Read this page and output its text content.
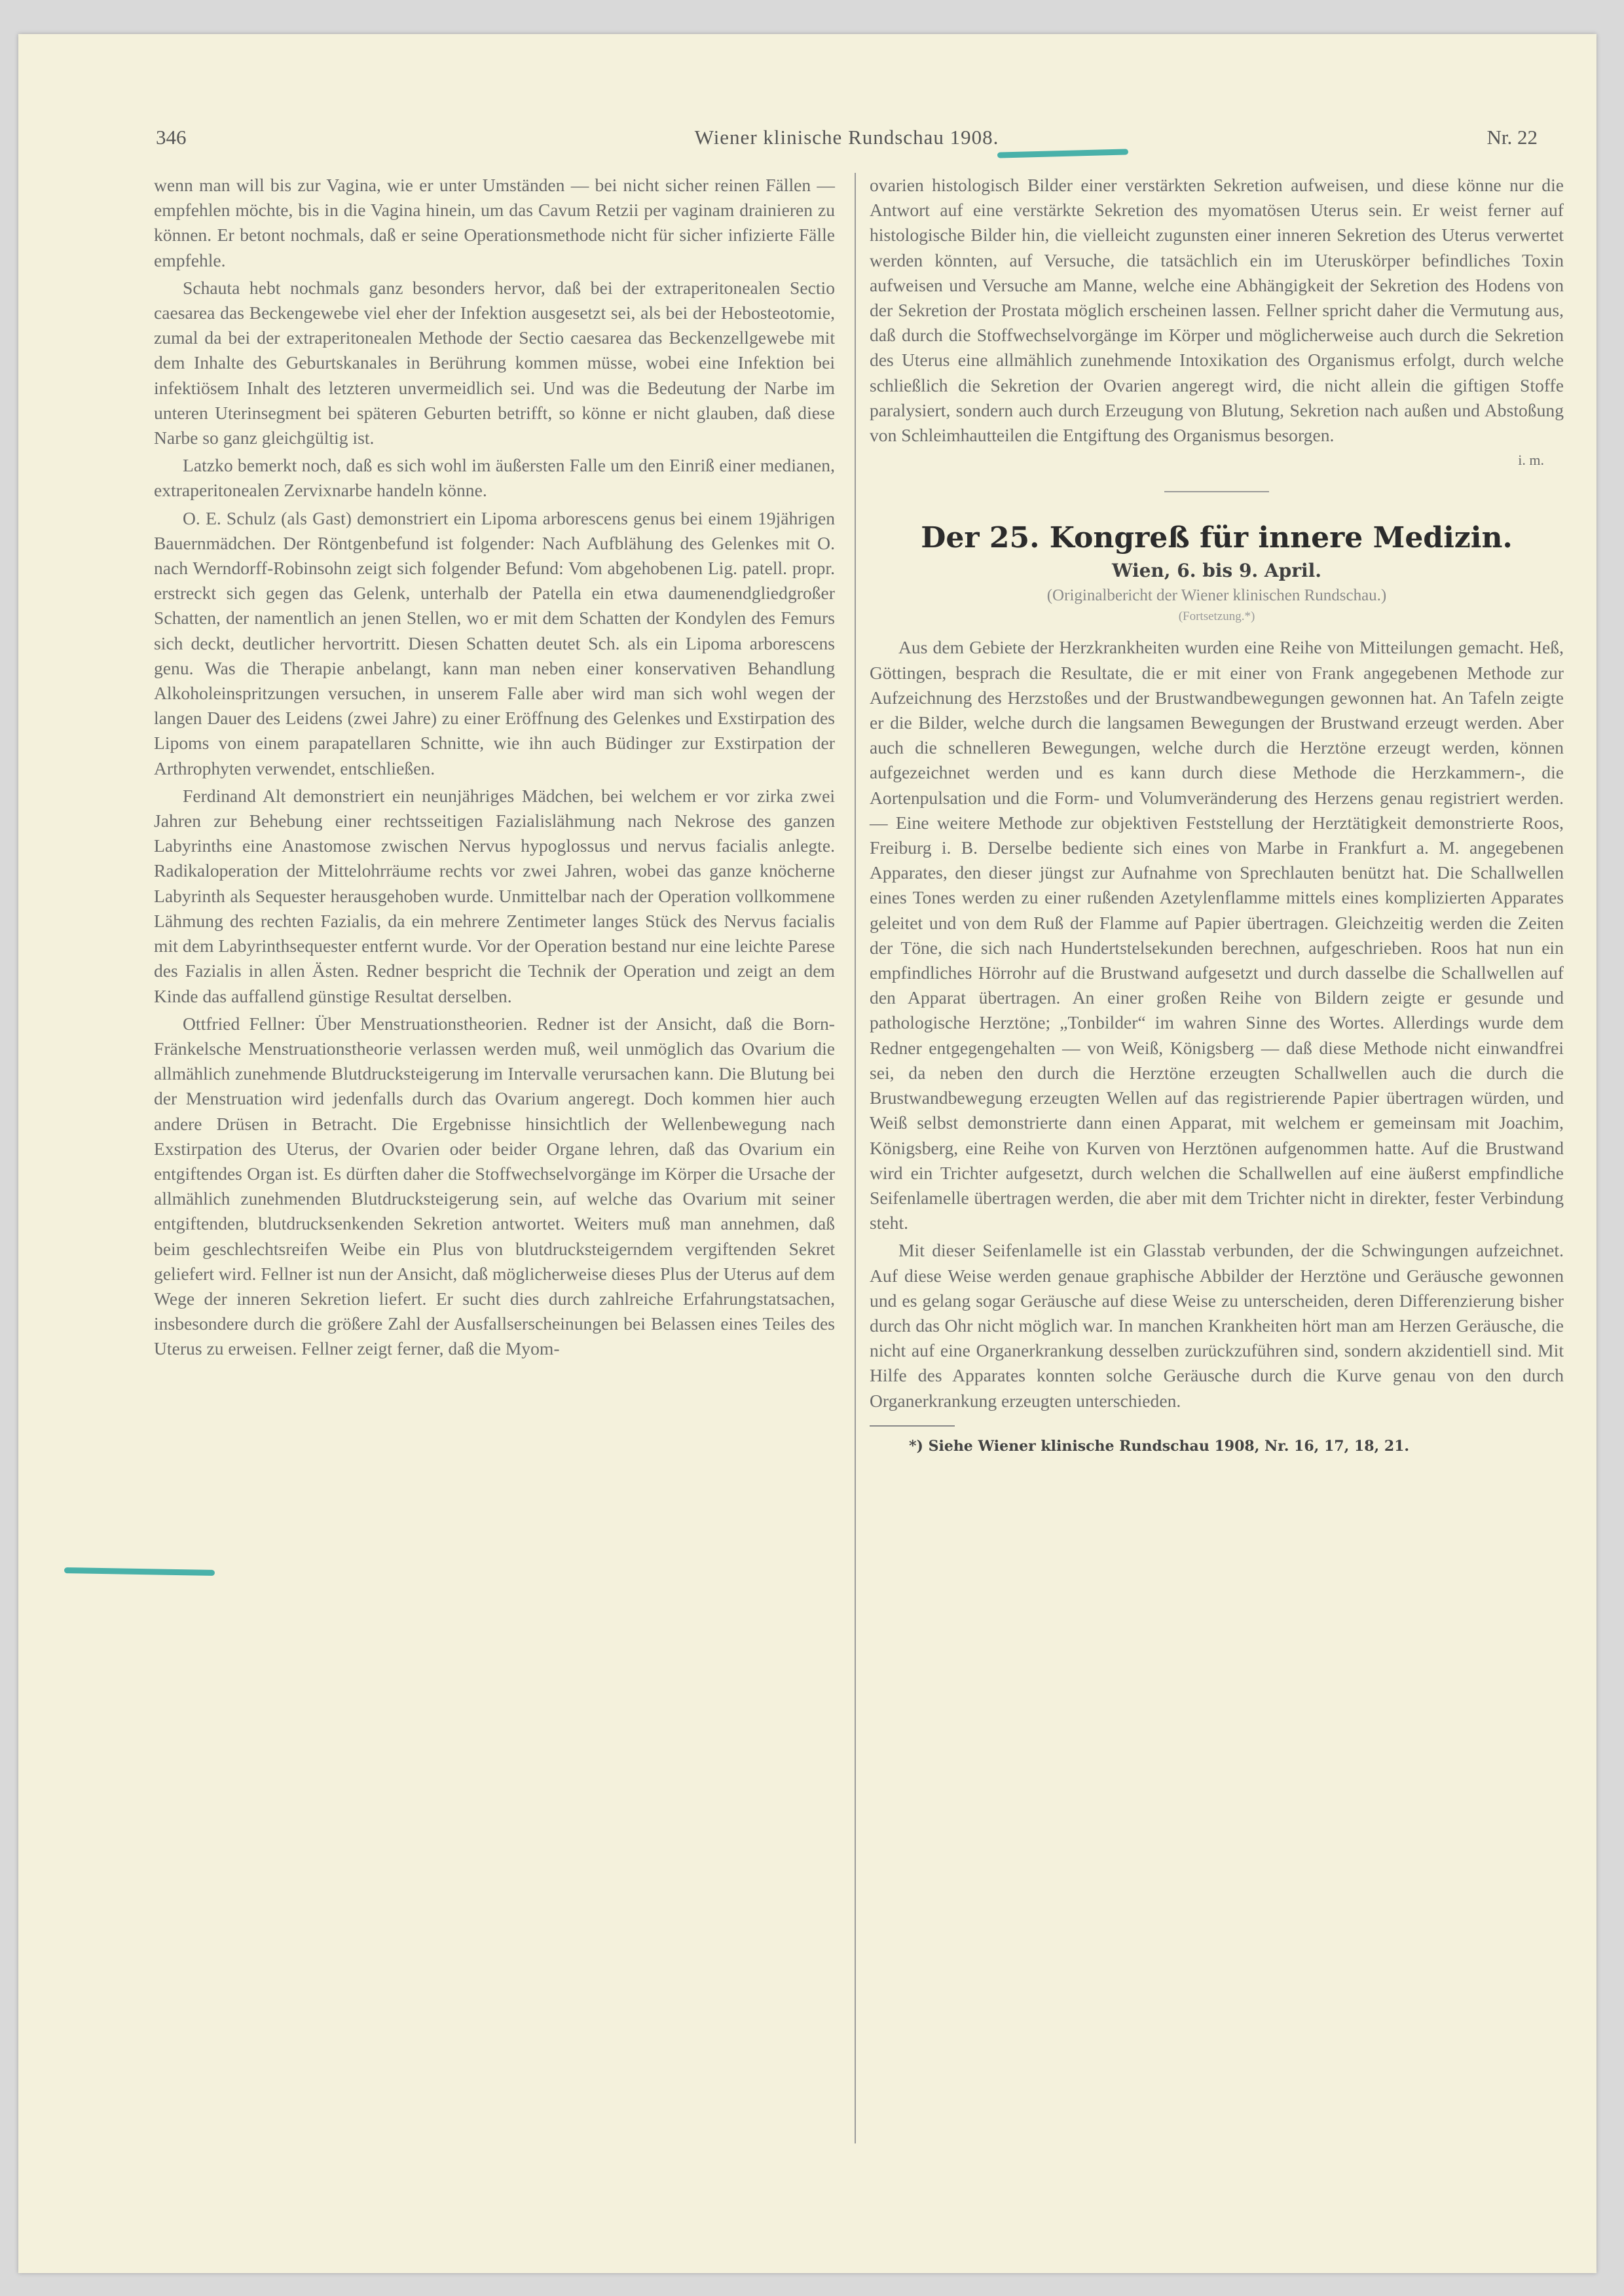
346	Wiener klinische Rundschau 1908.	Nr. 22

wenn man will bis zur Vagina, wie er unter Umständen — bei nicht sicher reinen Fällen — empfehlen möchte, bis in die Vagina hinein, um das Cavum Retzii per vaginam drainieren zu können. Er betont nochmals, daß er seine Operationsmethode nicht für sicher infizierte Fälle empfehle.

Schauta hebt nochmals ganz besonders hervor, daß bei der extraperitonealen Sectio caesarea das Beckengewebe viel eher der Infektion ausgesetzt sei, als bei der Hebosteotomie, zumal da bei der extraperitonealen Methode der Sectio caesarea das Beckenzellgewebe mit dem Inhalte des Geburtskanales in Berührung kommen müsse, wobei eine Infektion bei infektiösem Inhalt des letzteren unvermeidlich sei. Und was die Bedeutung der Narbe im unteren Uterinsegment bei späteren Geburten betrifft, so könne er nicht glauben, daß diese Narbe so ganz gleichgültig ist.

Latzko bemerkt noch, daß es sich wohl im äußersten Falle um den Einriß einer medianen, extraperitonealen Zervixnarbe handeln könne.

O. E. Schulz (als Gast) demonstriert ein Lipoma arborescens genus bei einem 19jährigen Bauernmädchen. Der Röntgenbefund ist folgender: Nach Aufblähung des Gelenkes mit O. nach Werndorff-Robinsohn zeigt sich folgender Befund: Vom abgehobenen Lig. patell. propr. erstreckt sich gegen das Gelenk, unterhalb der Patella ein etwa daumenendgliedgroßer Schatten, der namentlich an jenen Stellen, wo er mit dem Schatten der Kondylen des Femurs sich deckt, deutlicher hervortritt. Diesen Schatten deutet Sch. als ein Lipoma arborescens genu. Was die Therapie anbelangt, kann man neben einer konservativen Behandlung Alkoholeinspritzungen versuchen, in unserem Falle aber wird man sich wohl wegen der langen Dauer des Leidens (zwei Jahre) zu einer Eröffnung des Gelenkes und Exstirpation des Lipoms von einem parapatellaren Schnitte, wie ihn auch Büdinger zur Exstirpation der Arthrophyten verwendet, entschließen.

Ferdinand Alt demonstriert ein neunjähriges Mädchen, bei welchem er vor zirka zwei Jahren zur Behebung einer rechtsseitigen Fazialislähmung nach Nekrose des ganzen Labyrinths eine Anastomose zwischen Nervus hypoglossus und nervus facialis anlegte. Radikaloperation der Mittelohrräume rechts vor zwei Jahren, wobei das ganze knöcherne Labyrinth als Sequester herausgehoben wurde. Unmittelbar nach der Operation vollkommene Lähmung des rechten Fazialis, da ein mehrere Zentimeter langes Stück des Nervus facialis mit dem Labyrinthsequester entfernt wurde. Vor der Operation bestand nur eine leichte Parese des Fazialis in allen Ästen. Redner bespricht die Technik der Operation und zeigt an dem Kinde das auffallend günstige Resultat derselben.

Ottfried Fellner: Über Menstruationstheorien. Redner ist der Ansicht, daß die Born-Fränkelsche Menstruationstheorie verlassen werden muß, weil unmöglich das Ovarium die allmählich zunehmende Blutdrucksteigerung im Intervalle verursachen kann. Die Blutung bei der Menstruation wird jedenfalls durch das Ovarium angeregt. Doch kommen hier auch andere Drüsen in Betracht. Die Ergebnisse hinsichtlich der Wellenbewegung nach Exstirpation des Uterus, der Ovarien oder beider Organe lehren, daß das Ovarium ein entgiftendes Organ ist. Es dürften daher die Stoffwechselvorgänge im Körper die Ursache der allmählich zunehmenden Blutdrucksteigerung sein, auf welche das Ovarium mit seiner entgiftenden, blutdrucksenkenden Sekretion antwortet. Weiters muß man annehmen, daß beim geschlechtsreifen Weibe ein Plus von blutdrucksteigerndem vergiftenden Sekret geliefert wird. Fellner ist nun der Ansicht, daß möglicherweise dieses Plus der Uterus auf dem Wege der inneren Sekretion liefert. Er sucht dies durch zahlreiche Erfahrungstatsachen, insbesondere durch die größere Zahl der Ausfallserscheinungen bei Belassen eines Teiles des Uterus zu erweisen. Fellner zeigt ferner, daß die Myom-

ovarien histologisch Bilder einer verstärkten Sekretion aufweisen, und diese könne nur die Antwort auf eine verstärkte Sekretion des myomatösen Uterus sein. Er weist ferner auf histologische Bilder hin, die vielleicht zugunsten einer inneren Sekretion des Uterus verwertet werden könnten, auf Versuche, die tatsächlich ein im Uteruskörper befindliches Toxin aufweisen und Versuche am Manne, welche eine Abhängigkeit der Sekretion des Hodens von der Sekretion der Prostata möglich erscheinen lassen. Fellner spricht daher die Vermutung aus, daß durch die Stoffwechselvorgänge im Körper und möglicherweise auch durch die Sekretion des Uterus eine allmählich zunehmende Intoxikation des Organismus erfolgt, durch welche schließlich die Sekretion der Ovarien angeregt wird, die nicht allein die giftigen Stoffe paralysiert, sondern auch durch Erzeugung von Blutung, Sekretion nach außen und Abstoßung von Schleimhautteilen die Entgiftung des Organismus besorgen.

i. m.
Der 25. Kongreß für innere Medizin.
Wien, 6. bis 9. April.
(Originalbericht der Wiener klinischen Rundschau.)
(Fortsetzung.*)

Aus dem Gebiete der Herzkrankheiten wurden eine Reihe von Mitteilungen gemacht. Heß, Göttingen, besprach die Resultate, die er mit einer von Frank angegebenen Methode zur Aufzeichnung des Herzstoßes und der Brustwandbewegungen gewonnen hat. An Tafeln zeigte er die Bilder, welche durch die langsamen Bewegungen der Brustwand erzeugt werden. Aber auch die schnelleren Bewegungen, welche durch die Herztöne erzeugt werden, können aufgezeichnet werden und es kann durch diese Methode die Herzkammern-, die Aortenpulsation und die Form- und Volumveränderung des Herzens genau registriert werden. — Eine weitere Methode zur objektiven Feststellung der Herztätigkeit demonstrierte Roos, Freiburg i. B. Derselbe bediente sich eines von Marbe in Frankfurt a. M. angegebenen Apparates, den dieser jüngst zur Aufnahme von Sprechlauten benützt hat. Die Schallwellen eines Tones werden zu einer rußenden Azetylenflamme mittels eines komplizierten Apparates geleitet und von dem Ruß der Flamme auf Papier übertragen. Gleichzeitig werden die Zeiten der Töne, die sich nach Hundertstelsekunden berechnen, aufgeschrieben. Roos hat nun ein empfindliches Hörrohr auf die Brustwand aufgesetzt und durch dasselbe die Schallwellen auf den Apparat übertragen. An einer großen Reihe von Bildern zeigte er gesunde und pathologische Herztöne; „Tonbilder“ im wahren Sinne des Wortes. Allerdings wurde dem Redner entgegengehalten — von Weiß, Königsberg — daß diese Methode nicht einwandfrei sei, da neben den durch die Herztöne erzeugten Schallwellen auch die durch die Brustwandbewegung erzeugten Wellen auf das registrierende Papier übertragen würden, und Weiß selbst demonstrierte dann einen Apparat, mit welchem er gemeinsam mit Joachim, Königsberg, eine Reihe von Kurven von Herztönen aufgenommen hatte. Auf die Brustwand wird ein Trichter aufgesetzt, durch welchen die Schallwellen auf eine äußerst empfindliche Seifenlamelle übertragen werden, die aber mit dem Trichter nicht in direkter, fester Verbindung steht.

Mit dieser Seifenlamelle ist ein Glasstab verbunden, der die Schwingungen aufzeichnet. Auf diese Weise werden genaue graphische Abbilder der Herztöne und Geräusche gewonnen und es gelang sogar Geräusche auf diese Weise zu unterscheiden, deren Differenzierung bisher durch das Ohr nicht möglich war. In manchen Krankheiten hört man am Herzen Geräusche, die nicht auf eine Organerkrankung desselben zurückzuführen sind, sondern akzidentiell sind. Mit Hilfe des Apparates konnten solche Geräusche durch die Kurve genau von den durch Organerkrankung erzeugten unterschieden.

*) Siehe Wiener klinische Rundschau 1908, Nr. 16, 17, 18, 21.
